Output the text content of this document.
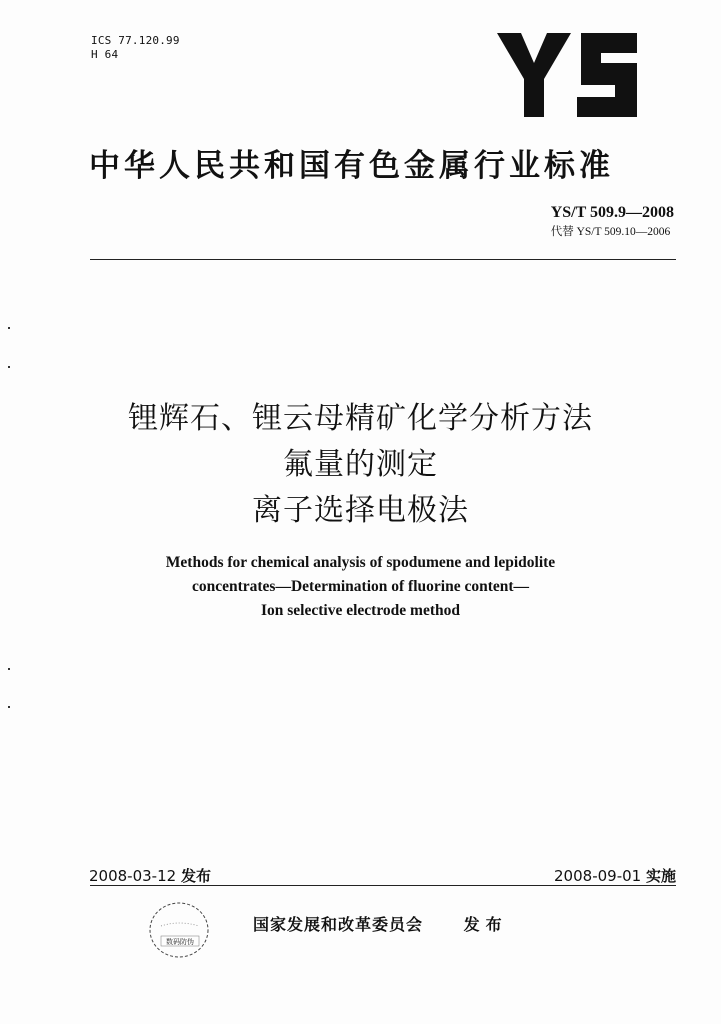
ICS 77.120.99
H 64
中华人民共和国有色金属行业标准
YS/T 509.9—2008
代替 YS/T 509.10—2006
锂辉石、锂云母精矿化学分析方法
氟量的测定
离子选择电极法
Methods for chemical analysis of spodumene and lepidolite
concentrates—Determination of fluorine content—
Ion selective electrode method
2008-03-12 发布	2008-09-01 实施
数码防伪
国家发展和改革委员会	发布
